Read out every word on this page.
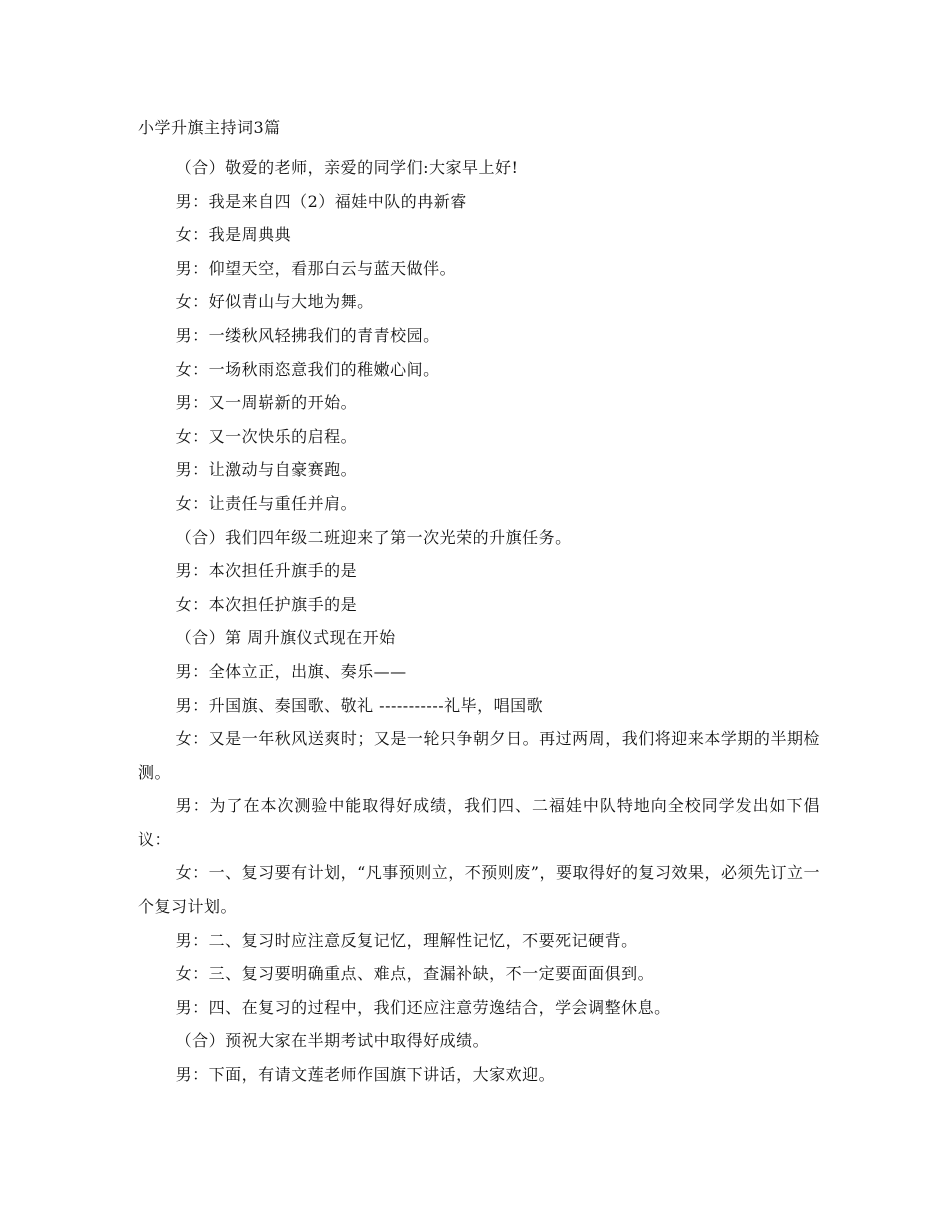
小学升旗主持词3篇

（合）敬爱的老师，亲爱的同学们:大家早上好!

男：我是来自四（2）福娃中队的冉新睿

女：我是周典典

男：仰望天空，看那白云与蓝天做伴。

女：好似青山与大地为舞。

男：一缕秋风轻拂我们的青青校园。

女：一场秋雨恣意我们的稚嫩心间。

男：又一周崭新的开始。

女：又一次快乐的启程。

男：让激动与自豪赛跑。

女：让责任与重任并肩。

（合）我们四年级二班迎来了第一次光荣的升旗任务。

男：本次担任升旗手的是

女：本次担任护旗手的是

（合）第 周升旗仪式现在开始

男：全体立正，出旗、奏乐——

男：升国旗、奏国歌、敬礼 -----------礼毕，唱国歌

女：又是一年秋风送爽时；又是一轮只争朝夕日。再过两周，我们将迎来本学期的半期检测。

男：为了在本次测验中能取得好成绩，我们四、二福娃中队特地向全校同学发出如下倡议：

女：一、复习要有计划，“凡事预则立，不预则废”，要取得好的复习效果，必须先订立一个复习计划。

男：二、复习时应注意反复记忆，理解性记忆，不要死记硬背。

女：三、复习要明确重点、难点，查漏补缺，不一定要面面俱到。

男：四、在复习的过程中，我们还应注意劳逸结合，学会调整休息。

（合）预祝大家在半期考试中取得好成绩。

男：下面，有请文莲老师作国旗下讲话，大家欢迎。
